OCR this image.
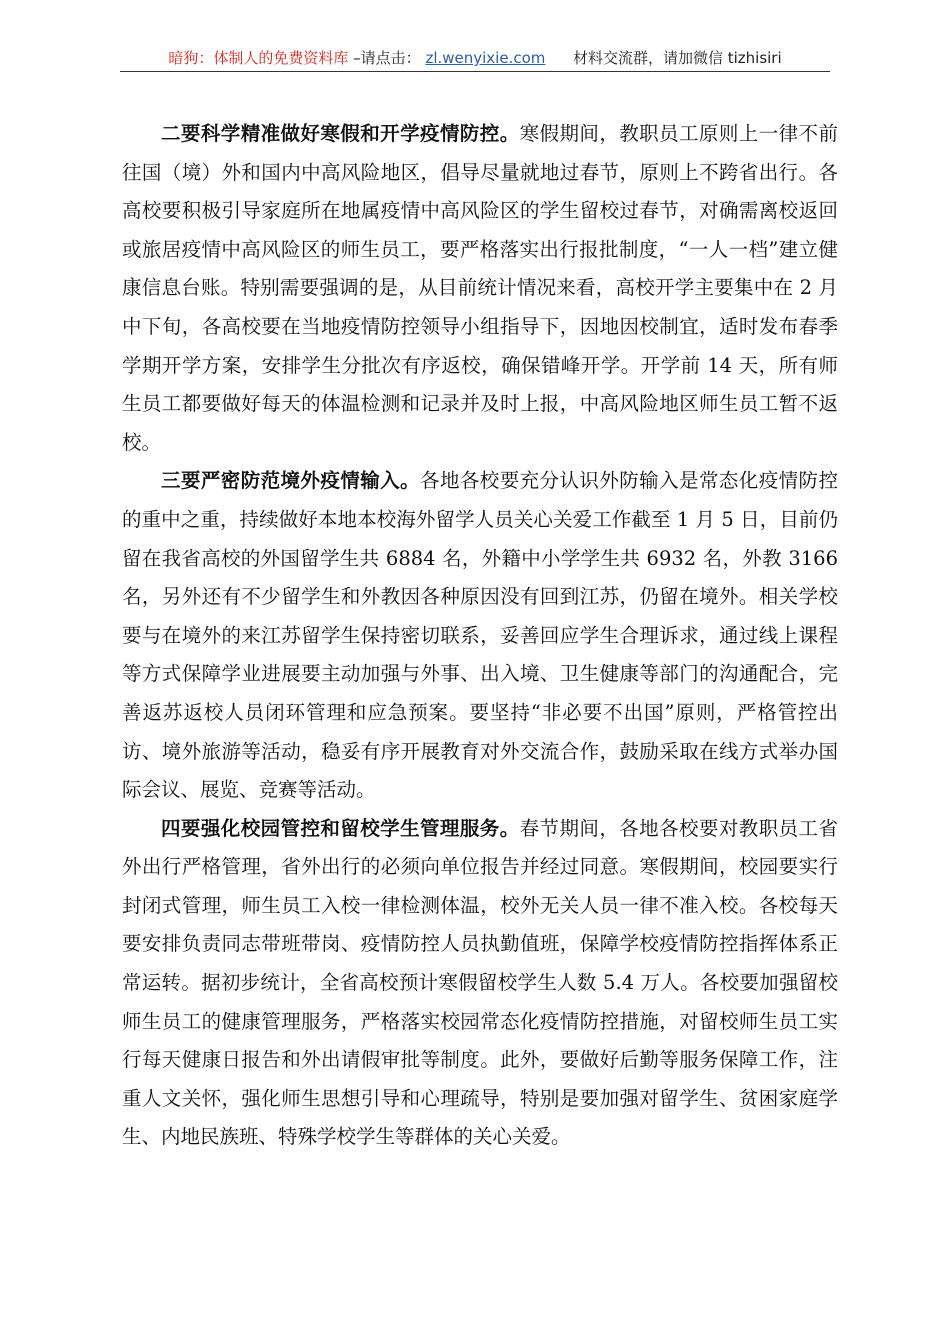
暗狗：体制人的免费资料库 –请点击： zl.wenyixie.com 材料交流群，请加微信 tizhisiri

二要科学精准做好寒假和开学疫情防控。寒假期间，教职员工原则上一律不前往国（境）外和国内中高风险地区，倡导尽量就地过春节，原则上不跨省出行。各高校要积极引导家庭所在地属疫情中高风险区的学生留校过春节，对确需离校返回或旅居疫情中高风险区的师生员工，要严格落实出行报批制度，“一人一档”建立健康信息台账。特别需要强调的是，从目前统计情况来看，高校开学主要集中在 2 月中下旬，各高校要在当地疫情防控领导小组指导下，因地因校制宜，适时发布春季学期开学方案，安排学生分批次有序返校，确保错峰开学。开学前 14 天，所有师生员工都要做好每天的体温检测和记录并及时上报，中高风险地区师生员工暂不返校。

三要严密防范境外疫情输入。各地各校要充分认识外防输入是常态化疫情防控的重中之重，持续做好本地本校海外留学人员关心关爱工作截至 1 月 5 日，目前仍留在我省高校的外国留学生共 6884 名，外籍中小学学生共 6932 名，外教 3166 名，另外还有不少留学生和外教因各种原因没有回到江苏，仍留在境外。相关学校要与在境外的来江苏留学生保持密切联系，妥善回应学生合理诉求，通过线上课程等方式保障学业进展要主动加强与外事、出入境、卫生健康等部门的沟通配合，完善返苏返校人员闭环管理和应急预案。要坚持“非必要不出国”原则，严格管控出访、境外旅游等活动，稳妥有序开展教育对外交流合作，鼓励采取在线方式举办国际会议、展览、竞赛等活动。

四要强化校园管控和留校学生管理服务。春节期间，各地各校要对教职员工省外出行严格管理，省外出行的必须向单位报告并经过同意。寒假期间，校园要实行封闭式管理，师生员工入校一律检测体温，校外无关人员一律不准入校。各校每天要安排负责同志带班带岗、疫情防控人员执勤值班，保障学校疫情防控指挥体系正常运转。据初步统计，全省高校预计寒假留校学生人数 5.4 万人。各校要加强留校师生员工的健康管理服务，严格落实校园常态化疫情防控措施，对留校师生员工实行每天健康日报告和外出请假审批等制度。此外，要做好后勤等服务保障工作，注重人文关怀，强化师生思想引导和心理疏导，特别是要加强对留学生、贫困家庭学生、内地民族班、特殊学校学生等群体的关心关爱。
